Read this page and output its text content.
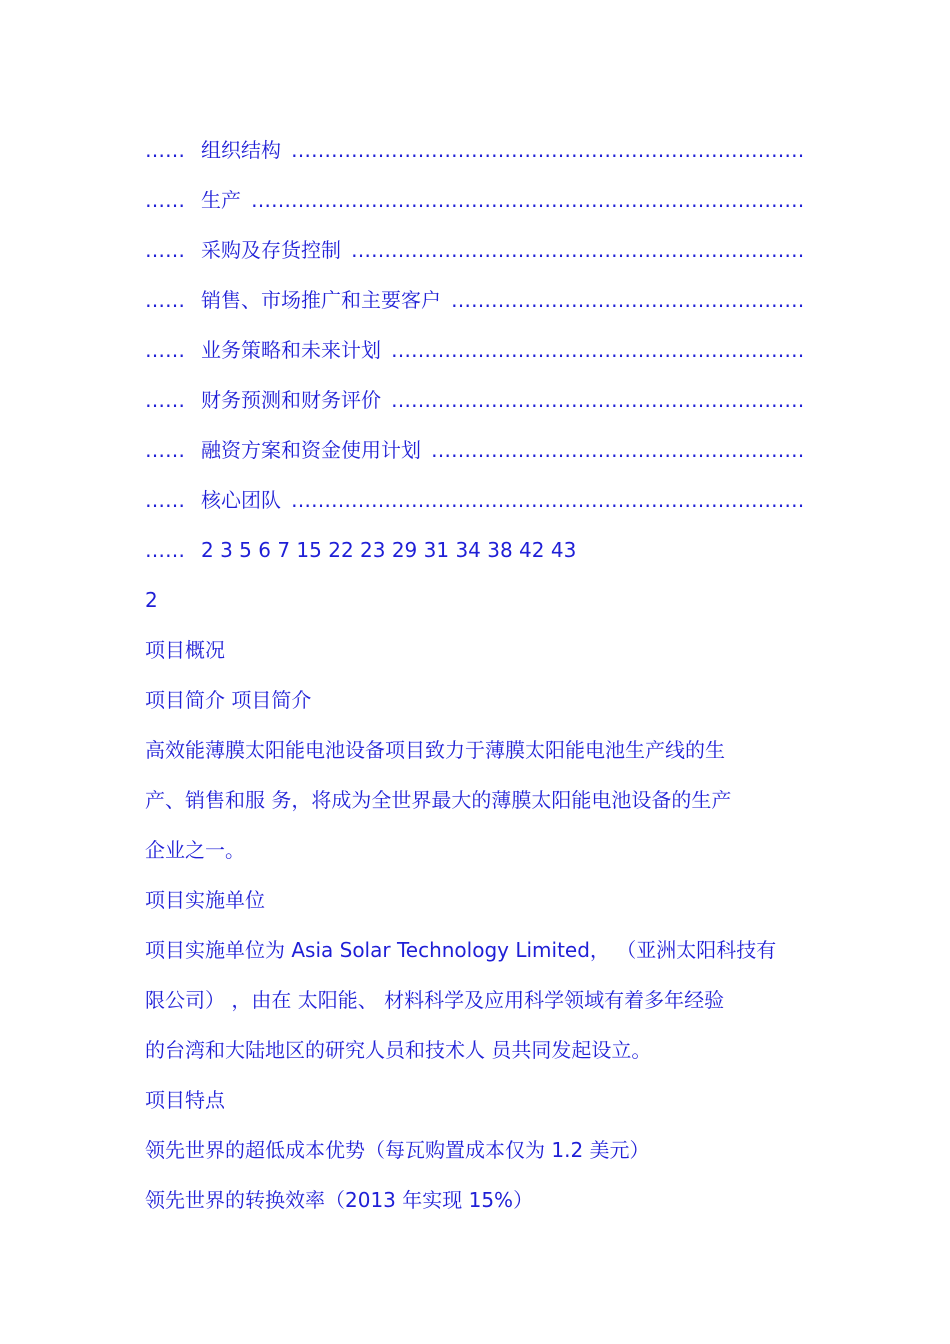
…… 组织结构
……………………………………………………………………………………………………………………………………………………
…… 生产
……………………………………………………………………………………………………………………………………………………
…… 采购及存货控制
……………………………………………………………………………………………………………………………………………………
…… 销售、市场推广和主要客户
……………………………………………………………………………………………………………………………………………………
…… 业务策略和未来计划
……………………………………………………………………………………………………………………………………………………
…… 财务预测和财务评价
……………………………………………………………………………………………………………………………………………………
…… 融资方案和资金使用计划
……………………………………………………………………………………………………………………………………………………
…… 核心团队
……………………………………………………………………………………………………………………………………………………
…… 2 3 5 6 7 15 22 23 29 31 34 38 42 43
2
项目概况
项目简介 项目简介
高效能薄膜太阳能电池设备项目致力于薄膜太阳能电池生产线的生
产、销售和服 务，将成为全世界最大的薄膜太阳能电池设备的生产
企业之一。
项目实施单位
项目实施单位为 Asia Solar Technology Limited， （亚洲太阳科技有
限公司） ，由在 太阳能、 材料科学及应用科学领域有着多年经验
的台湾和大陆地区的研究人员和技术人 员共同发起设立。
项目特点
领先世界的超低成本优势（每瓦购置成本仅为 1.2 美元）
领先世界的转换效率（2013 年实现 15%）
